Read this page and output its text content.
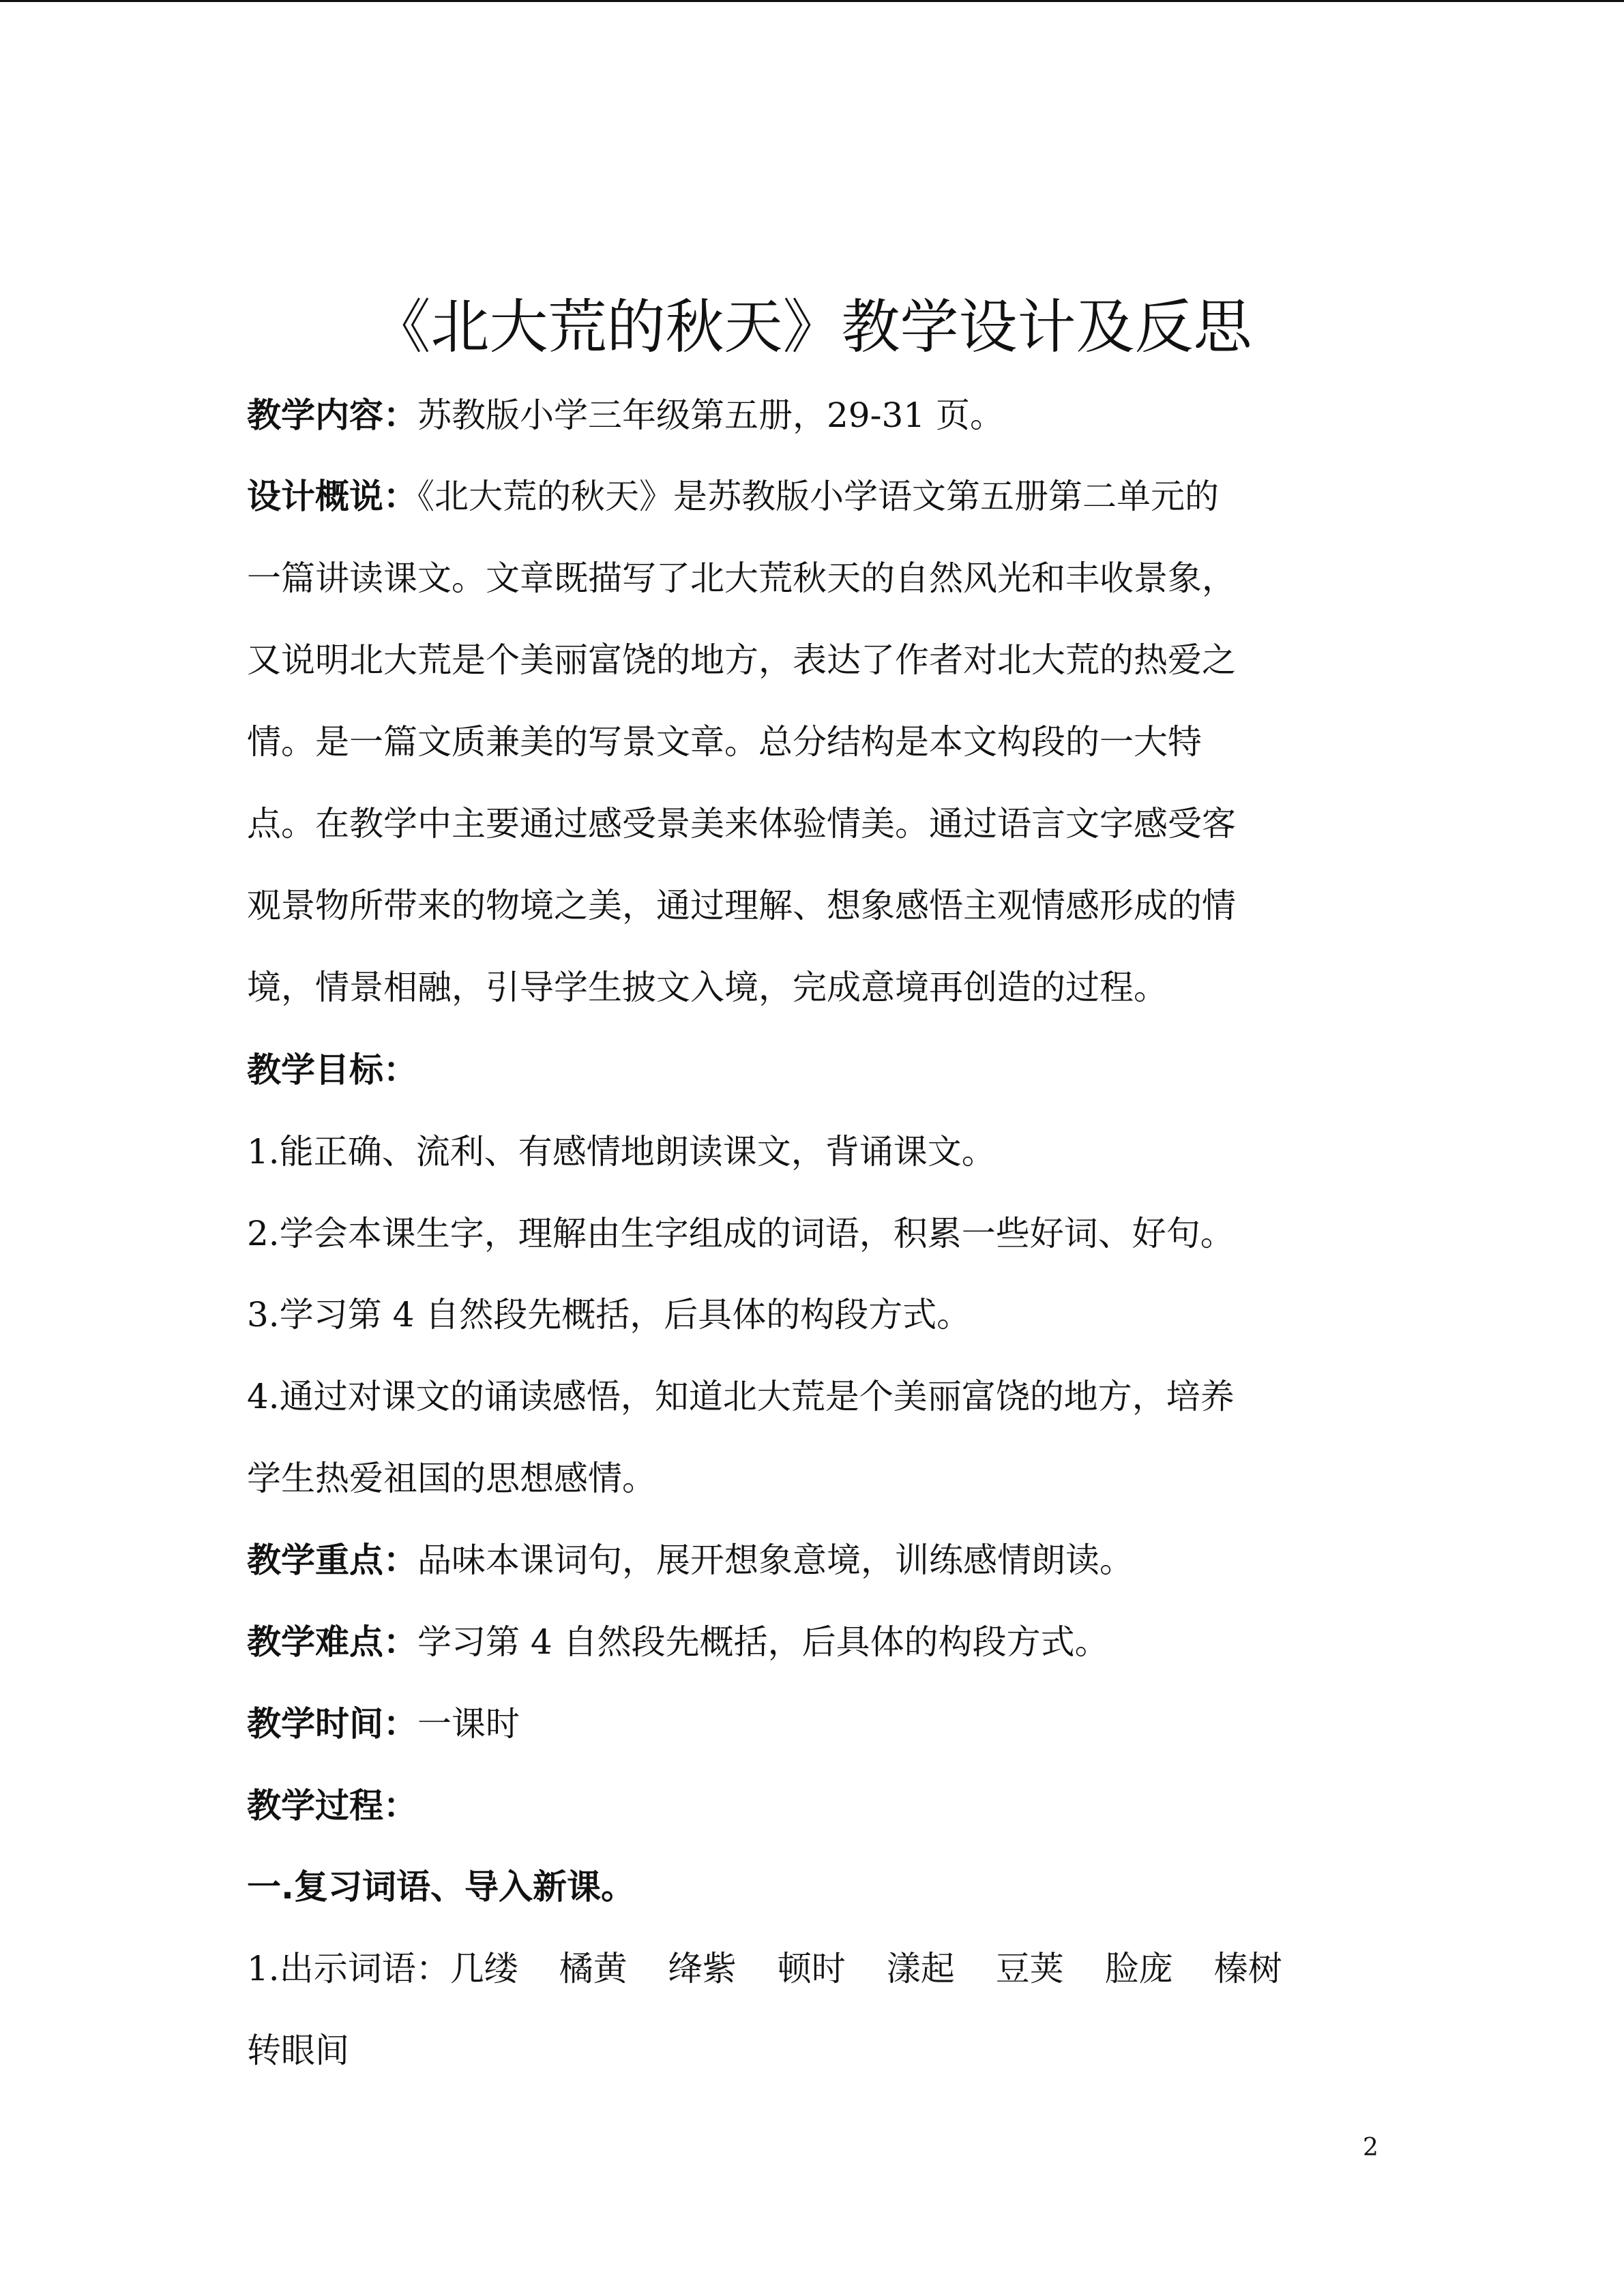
《北大荒的秋天》教学设计及反思
教学内容：苏教版小学三年级第五册，29-31 页。
设计概说：《北大荒的秋天》是苏教版小学语文第五册第二单元的
一篇讲读课文。文章既描写了北大荒秋天的自然风光和丰收景象，
又说明北大荒是个美丽富饶的地方，表达了作者对北大荒的热爱之
情。是一篇文质兼美的写景文章。总分结构是本文构段的一大特
点。在教学中主要通过感受景美来体验情美。通过语言文字感受客
观景物所带来的物境之美，通过理解、想象感悟主观情感形成的情
境，情景相融，引导学生披文入境，完成意境再创造的过程。
教学目标：
1.能正确、流利、有感情地朗读课文，背诵课文。
2.学会本课生字，理解由生字组成的词语，积累一些好词、好句。
3.学习第 4 自然段先概括，后具体的构段方式。
4.通过对课文的诵读感悟，知道北大荒是个美丽富饶的地方，培养
学生热爱祖国的思想感情。
教学重点：品味本课词句，展开想象意境，训练感情朗读。
教学难点：学习第 4 自然段先概括，后具体的构段方式。
教学时间：一课时
教学过程：
一.复习词语、导入新课。
1.出示词语：几缕 橘黄 绛紫 顿时 漾起 豆荚 脸庞 榛树
转眼间
2
